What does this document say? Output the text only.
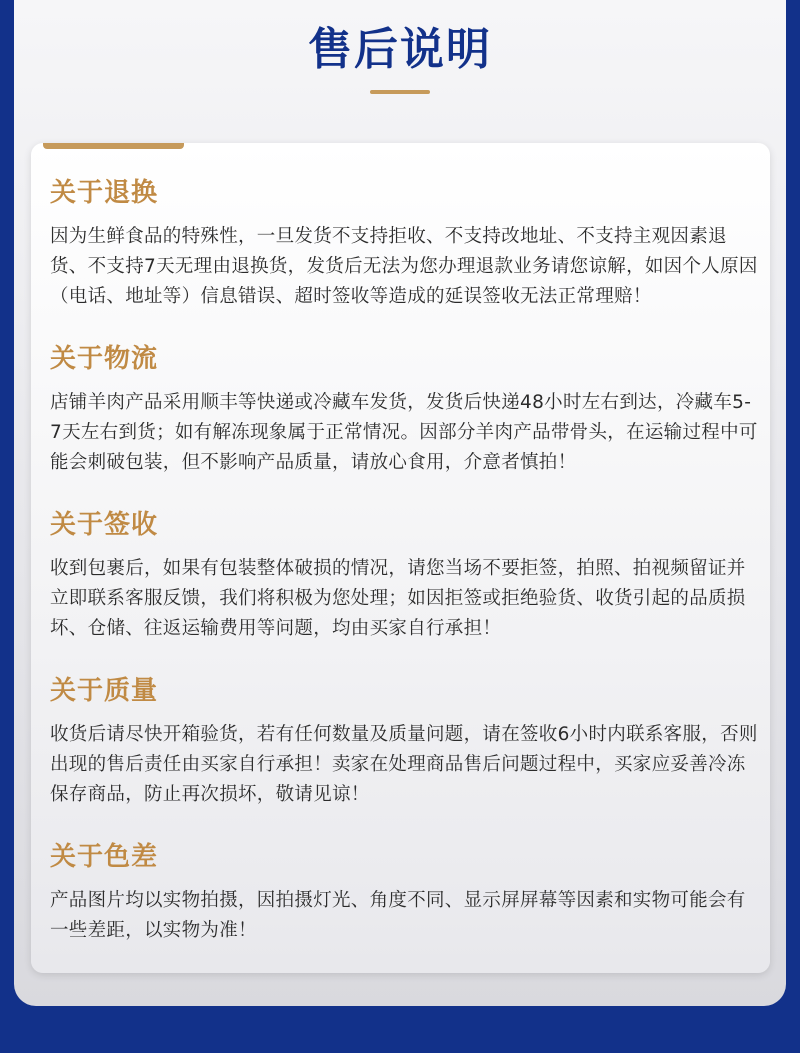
售后说明
关于退换

因为生鲜食品的特殊性，一旦发货不支持拒收、不支持改地址、不支持主观因素退货、不支持7天无理由退换货，发货后无法为您办理退款业务请您谅解，如因个人原因（电话、地址等）信息错误、超时签收等造成的延误签收无法正常理赔！

关于物流

店铺羊肉产品采用顺丰等快递或冷藏车发货，发货后快递48小时左右到达，冷藏车5-7天左右到货；如有解冻现象属于正常情况。因部分羊肉产品带骨头，在运输过程中可能会刺破包装，但不影响产品质量，请放心食用，介意者慎拍！

关于签收

收到包裹后，如果有包装整体破损的情况，请您当场不要拒签，拍照、拍视频留证并立即联系客服反馈，我们将积极为您处理；如因拒签或拒绝验货、收货引起的品质损坏、仓储、往返运输费用等问题，均由买家自行承担！

关于质量

收货后请尽快开箱验货，若有任何数量及质量问题，请在签收6小时内联系客服，否则出现的售后责任由买家自行承担！卖家在处理商品售后问题过程中，买家应妥善冷冻保存商品，防止再次损坏，敬请见谅！

关于色差

产品图片均以实物拍摄，因拍摄灯光、角度不同、显示屏屏幕等因素和实物可能会有一些差距，以实物为准！
